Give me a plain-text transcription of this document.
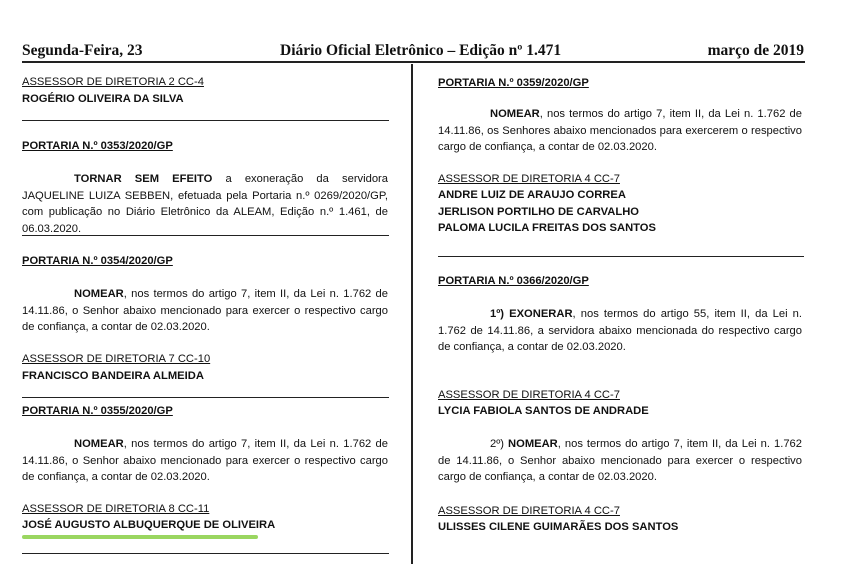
Segunda-Feira, 23	Diário Oficial Eletrônico – Edição nº 1.471	março de 2019
ASSESSOR DE DIRETORIA 2 CC-4
ROGÉRIO OLIVEIRA DA SILVA
PORTARIA N.º 0353/2020/GP

TORNAR SEM EFEITO a exoneração da servidora JAQUELINE LUIZA SEBBEN, efetuada pela Portaria n.º 0269/2020/GP, com publicação no Diário Eletrônico da ALEAM, Edição n.º 1.461, de 06.03.2020.

PORTARIA N.º 0354/2020/GP

NOMEAR, nos termos do artigo 7, item II, da Lei n. 1.762 de 14.11.86, o Senhor abaixo mencionado para exercer o respectivo cargo de confiança, a contar de 02.03.2020.

ASSESSOR DE DIRETORIA 7 CC-10
FRANCISCO BANDEIRA ALMEIDA
PORTARIA N.º 0355/2020/GP

NOMEAR, nos termos do artigo 7, item II, da Lei n. 1.762 de 14.11.86, o Senhor abaixo mencionado para exercer o respectivo cargo de confiança, a contar de 02.03.2020.

ASSESSOR DE DIRETORIA 8 CC-11
JOSÉ AUGUSTO ALBUQUERQUE DE OLIVEIRA
PORTARIA N.º 0359/2020/GP

NOMEAR, nos termos do artigo 7, item II, da Lei n. 1.762 de 14.11.86, os Senhores abaixo mencionados para exercerem o respectivo cargo de confiança, a contar de 02.03.2020.

ASSESSOR DE DIRETORIA 4 CC-7
ANDRE LUIZ DE ARAUJO CORREA
JERLISON PORTILHO DE CARVALHO
PALOMA LUCILA FREITAS DOS SANTOS
PORTARIA N.º 0366/2020/GP

1º) EXONERAR, nos termos do artigo 55, item II, da Lei n. 1.762 de 14.11.86, a servidora abaixo mencionada do respectivo cargo de confiança, a contar de 02.03.2020.

ASSESSOR DE DIRETORIA 4 CC-7
LYCIA FABIOLA SANTOS DE ANDRADE

2º) NOMEAR, nos termos do artigo 7, item II, da Lei n. 1.762 de 14.11.86, o Senhor abaixo mencionado para exercer o respectivo cargo de confiança, a contar de 02.03.2020.

ASSESSOR DE DIRETORIA 4 CC-7
ULISSES CILENE GUIMARÃES DOS SANTOS
